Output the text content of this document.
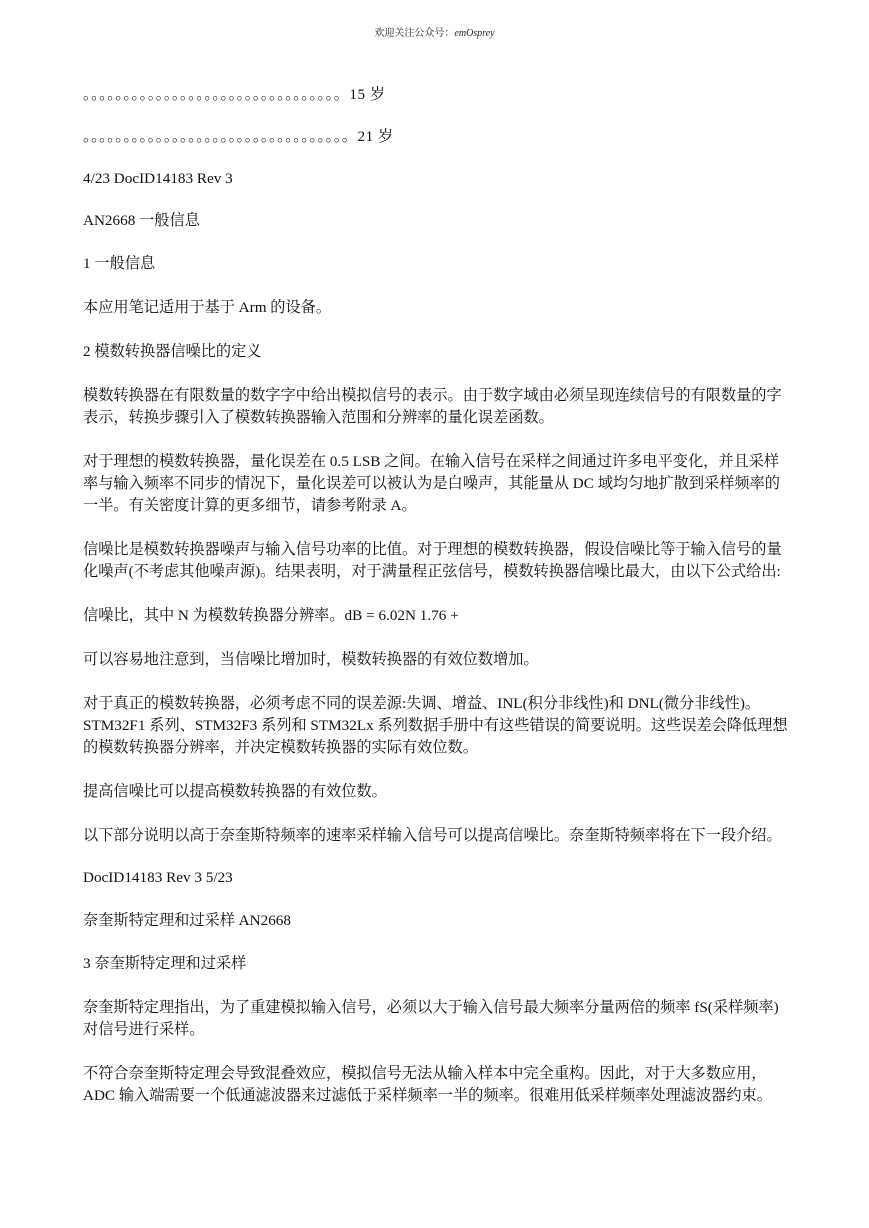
欢迎关注公众号：emOsprey

。。。。。。。。。。。。。。。。。。。。。。。。。。。。。。。。15 岁

。。。。。。。。。。。。。。。。。。。。。。。。。。。。。。。。。21 岁

4/23 DocID14183 Rev 3

AN2668 一般信息

1 一般信息

本应用笔记适用于基于 Arm 的设备。

2 模数转换器信噪比的定义

模数转换器在有限数量的数字字中给出模拟信号的表示。由于数字域由必须呈现连续信号的有限数量的字表示，转换步骤引入了模数转换器输入范围和分辨率的量化误差函数。

对于理想的模数转换器，量化误差在 0.5 LSB 之间。在输入信号在采样之间通过许多电平变化，并且采样率与输入频率不同步的情况下，量化误差可以被认为是白噪声，其能量从 DC 域均匀地扩散到采样频率的一半。有关密度计算的更多细节，请参考附录 A。

信噪比是模数转换器噪声与输入信号功率的比值。对于理想的模数转换器，假设信噪比等于输入信号的量化噪声(不考虑其他噪声源)。结果表明，对于满量程正弦信号，模数转换器信噪比最大，由以下公式给出:

信噪比，其中 N 为模数转换器分辨率。dB = 6.02N 1.76 +

可以容易地注意到，当信噪比增加时，模数转换器的有效位数增加。

对于真正的模数转换器，必须考虑不同的误差源:失调、增益、INL(积分非线性)和 DNL(微分非线性)。STM32F1 系列、STM32F3 系列和 STM32Lx 系列数据手册中有这些错误的简要说明。这些误差会降低理想的模数转换器分辨率，并决定模数转换器的实际有效位数。

提高信噪比可以提高模数转换器的有效位数。

以下部分说明以高于奈奎斯特频率的速率采样输入信号可以提高信噪比。奈奎斯特频率将在下一段介绍。

DocID14183 Rev 3 5/23

奈奎斯特定理和过采样 AN2668

3 奈奎斯特定理和过采样

奈奎斯特定理指出，为了重建模拟输入信号，必须以大于输入信号最大频率分量两倍的频率 fS(采样频率)对信号进行采样。

不符合奈奎斯特定理会导致混叠效应，模拟信号无法从输入样本中完全重构。因此，对于大多数应用，ADC 输入端需要一个低通滤波器来过滤低于采样频率一半的频率。很难用低采样频率处理滤波器约束。
